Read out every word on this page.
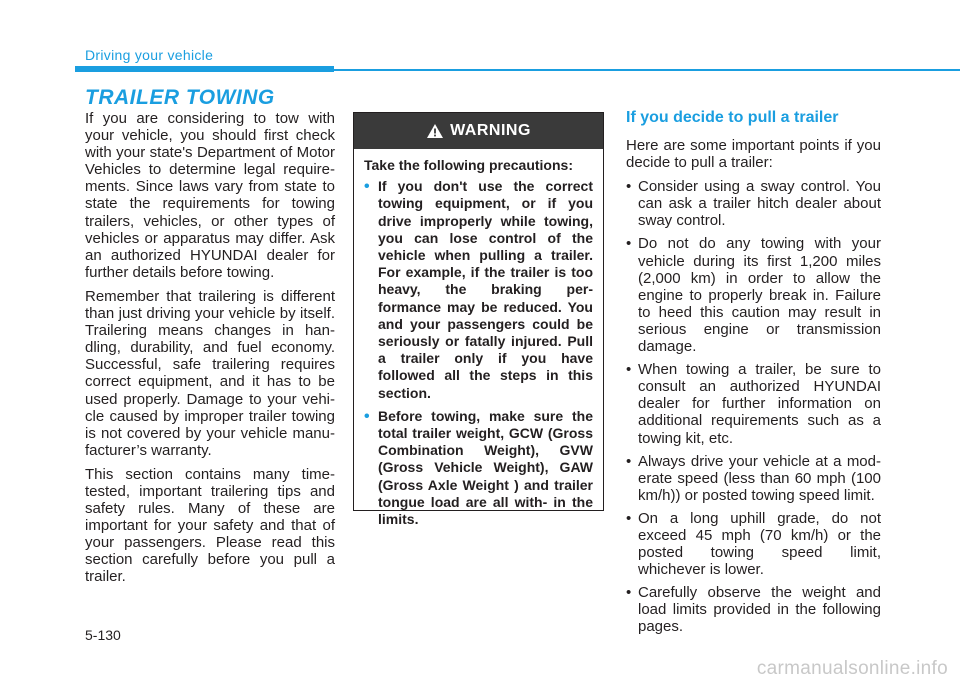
Driving your vehicle
TRAILER TOWING

If you are considering to tow with your vehicle, you should first check with your state's Department of Motor Vehicles to determine legal require- ments. Since laws vary from state to state the requirements for towing trailers, vehicles, or other types of vehicles or apparatus may differ. Ask an authorized HYUNDAI dealer for further details before towing.

Remember that trailering is different than just driving your vehicle by itself. Trailering means changes in han- dling, durability, and fuel economy. Successful, safe trailering requires correct equipment, and it has to be used properly. Damage to your vehi- cle caused by improper trailer towing is not covered by your vehicle manu- facturer’s warranty.

This section contains many time- tested, important trailering tips and safety rules. Many of these are important for your safety and that of your passengers. Please read this section carefully before you pull a trailer.

WARNING

Take the following precautions:

• If you don't use the correct towing equipment, or if you drive improperly while towing, you can lose control of the vehicle when pulling a trailer. For example, if the trailer is too heavy, the braking per- formance may be reduced. You and your passengers could be seriously or fatally injured. Pull a trailer only if you have followed all the steps in this section.
• Before towing, make sure the total trailer weight, GCW (Gross Combination Weight), GVW (Gross Vehicle Weight), GAW (Gross Axle Weight ) and trailer tongue load are all with- in the limits.
If you decide to pull a trailer

Here are some important points if you decide to pull a trailer:

• Consider using a sway control. You can ask a trailer hitch dealer about sway control.
• Do not do any towing with your vehicle during its first 1,200 miles (2,000 km) in order to allow the engine to properly break in. Failure to heed this caution may result in serious engine or transmission damage.
• When towing a trailer, be sure to consult an authorized HYUNDAI dealer for further information on additional requirements such as a towing kit, etc.
• Always drive your vehicle at a mod- erate speed (less than 60 mph (100 km/h)) or posted towing speed limit.
• On a long uphill grade, do not exceed 45 mph (70 km/h) or the posted towing speed limit, whichever is lower.
• Carefully observe the weight and load limits provided in the following pages.
5-130
carmanualsonline.info
